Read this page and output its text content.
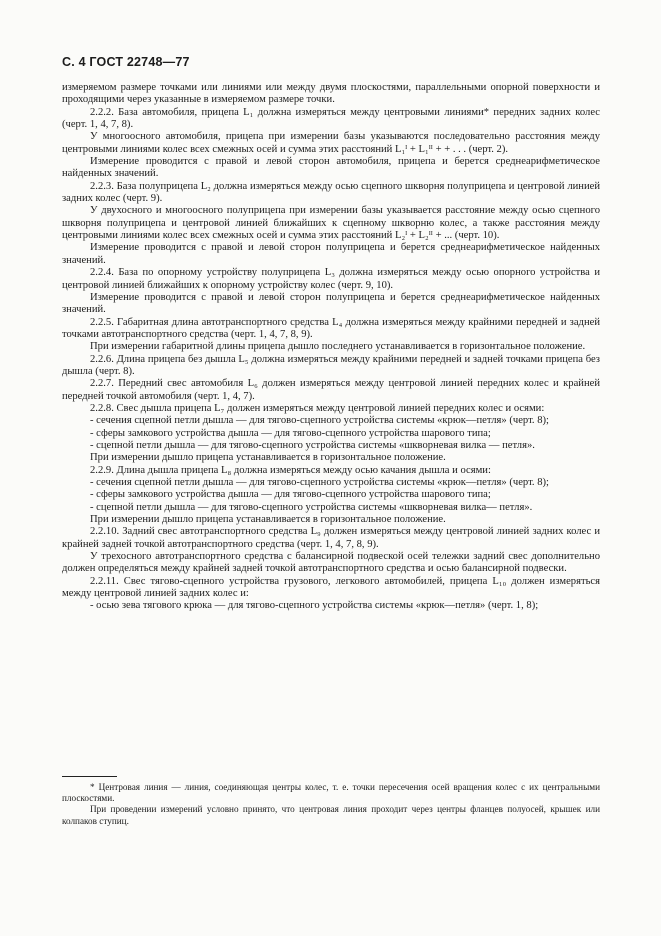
С. 4 ГОСТ 22748—77

измеряемом размере точками или линиями или между двумя плоскостями, параллельными опорной поверхности и проходящими через указанные в измеряемом размере точки.

2.2.2. База автомобиля, прицепа L₁ должна измеряться между центровыми линиями* передних задних колес (черт. 1, 4, 7, 8).

У многоосного автомобиля, прицепа при измерении базы указываются последовательно расстояния между центровыми линиями колес всех смежных осей и сумма этих расстояний L₁ᴵ + L₁ᴵᴵ + + . . . (черт. 2).

Измерение проводится с правой и левой сторон автомобиля, прицепа и берется среднеарифметическое найденных значений.

2.2.3. База полуприцепа L₂ должна измеряться между осью сцепного шкворня полуприцепа и центровой линией задних колес (черт. 9).

У двухосного и многоосного полуприцепа при измерении базы указывается расстояние между осью сцепного шкворня полуприцепа и центровой линией ближайших к сцепному шкворню колес, а также расстояния между центровыми линиями колес всех смежных осей и сумма этих расстояний L₂ᴵ + L₂ᴵᴵ + ... (черт. 10).

Измерение проводится с правой и левой сторон полуприцепа и берется среднеарифметическое найденных значений.

2.2.4. База по опорному устройству полуприцепа L₃ должна измеряться между осью опорного устройства и центровой линией ближайших к опорному устройству колес (черт. 9, 10).

Измерение проводится с правой и левой сторон полуприцепа и берется среднеарифметическое найденных значений.

2.2.5. Габаритная длина автотранспортного средства L₄ должна измеряться между крайними передней и задней точками автотранспортного средства (черт. 1, 4, 7, 8, 9).

При измерении габаритной длины прицепа дышло последнего устанавливается в горизонтальное положение.

2.2.6. Длина прицепа без дышла L₅ должна измеряться между крайними передней и задней точками прицепа без дышла (черт. 8).

2.2.7. Передний свес автомобиля L₆ должен измеряться между центровой линией передних колес и крайней передней точкой автомобиля (черт. 1, 4, 7).

2.2.8. Свес дышла прицепа L₇ должен измеряться между центровой линией передних колес и осями:

- сечения сцепной петли дышла — для тягово-сцепного устройства системы «крюк—петля» (черт. 8);

- сферы замкового устройства дышла — для тягово-сцепного устройства шарового типа;

- сцепной петли дышла — для тягово-сцепного устройства системы «шкворневая вилка — петля».

При измерении дышло прицепа устанавливается в горизонтальное положение.

2.2.9. Длина дышла прицепа L₈ должна измеряться между осью качания дышла и осями:

- сечения сцепной петли дышла — для тягово-сцепного устройства системы «крюк—петля» (черт. 8);

- сферы замкового устройства дышла — для тягово-сцепного устройства шарового типа;

- сцепной петли дышла — для тягово-сцепного устройства системы «шкворневая вилка— петля».

При измерении дышло прицепа устанавливается в горизонтальное положение.

2.2.10. Задний свес автотранспортного средства L₉ должен измеряться между центровой линией задних колес и крайней задней точкой автотранспортного средства (черт. 1, 4, 7, 8, 9).

У трехосного автотранспортного средства с балансирной подвеской осей тележки задний свес дополнительно должен определяться между крайней задней точкой автотранспортного средства и осью балансирной подвески.

2.2.11. Свес тягово-сцепного устройства грузового, легкового автомобилей, прицепа L₁₀ должен измеряться между центровой линией задних колес и:

- осью зева тягового крюка — для тягово-сцепного устройства системы «крюк—петля» (черт. 1, 8);

* Центровая линия — линия, соединяющая центры колес, т. е. точки пересечения осей вращения колес с их центральными плоскостями.

При проведении измерений условно принято, что центровая линия проходит через центры фланцев полуосей, крышек или колпаков ступиц.
